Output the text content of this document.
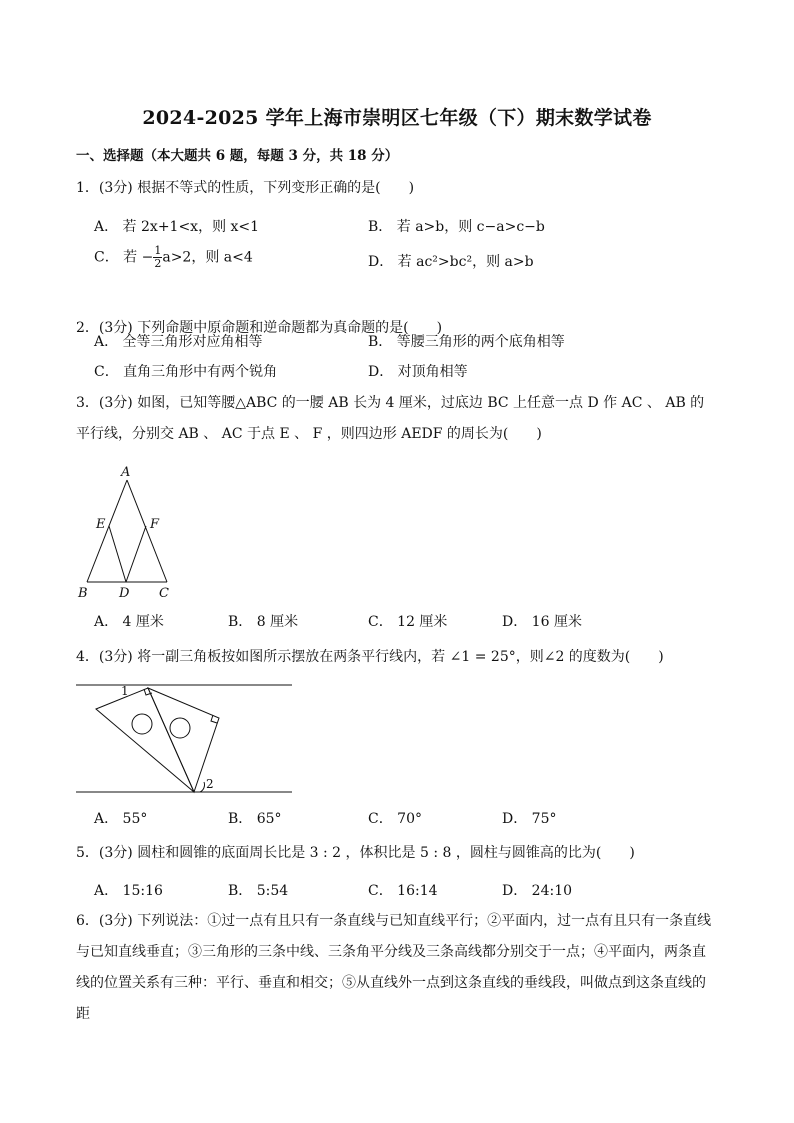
2024-2025 学年上海市崇明区七年级（下）期末数学试卷
一、选择题（本大题共 6 题，每题 3 分，共 18 分）
1．(3分) 根据不等式的性质，下列变形正确的是(　　)
A． 若 2x+1<x，则 x<1	B． 若 a>b，则 c−a>c−b
C． 若 − $\frac{1}{2} a>2$，则 a<4	D． 若 ac²>bc²，则 a>b
2．(3分) 下列命题中原命题和逆命题都为真命题的是(　　)
A． 全等三角形对应角相等	B． 等腰三角形的两个底角相等
C． 直角三角形中有两个锐角	D． 对顶角相等
3．(3分) 如图，已知等腰△ABC 的一腰 AB 长为 4 厘米，过底边 BC 上任意一点 D 作 AC 、 AB 的平行线，分别交 AB 、 AC 于点 E 、 F ，则四边形 AEDF 的周长为(　　)
A
B D C
E	F
A． 4 厘米	B． 8 厘米	C． 12 厘米	D． 16 厘米
4．(3分) 将一副三角板按如图所示摆放在两条平行线内，若 ∠1 = 25°，则∠2 的度数为(　　)
1
2
A． 55°	B． 65°	C． 70°	D． 75°
5．(3分) 圆柱和圆锥的底面周长比是 3 : 2 ，体积比是 5 : 8 ，圆柱与圆锥高的比为(　　)
A． 15:16	B． 5:54	C． 16:14	D． 24:10
6．(3分) 下列说法：①过一点有且只有一条直线与已知直线平行；②平面内，过一点有且只有一条直线与已知直线垂直；③三角形的三条中线、三条角平分线及三条高线都分别交于一点；④平面内，两条直线的位置关系有三种：平行、垂直和相交；⑤从直线外一点到这条直线的垂线段，叫做点到这条直线的距
